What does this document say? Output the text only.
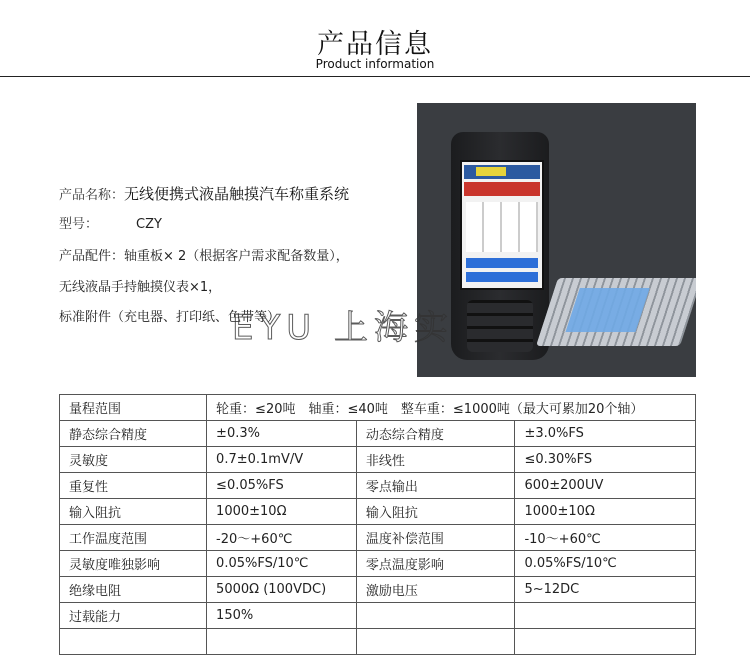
产品信息
Product information
产品名称：无线便携式液晶触摸汽车称重系统
型号：	CZY
产品配件：轴重板× 2（根据客户需求配备数量），
无线液晶手持触摸仪表×1，
标准附件（充电器、打印纸、色带等）
EYU 上海实
量程范围	轮重：≤20吨　轴重：≤40吨　整车重：≤1000吨（最大可累加20个轴）		
静态综合精度	±0.3%	动态综合精度	±3.0%FS
灵敏度	0.7±0.1mV/V	非线性	≤0.30%FS
重复性	≤0.05%FS	零点输出	600±200UV
输入阻抗	1000±10Ω	输入阻抗	1000±10Ω
工作温度范围	-20～+60℃	温度补偿范围	-10～+60℃
灵敏度唯独影响	0.05%FS/10℃	零点温度影响	0.05%FS/10℃
绝缘电阻	5000Ω (100VDC)	激励电压	5~12DC
过载能力	150%		
